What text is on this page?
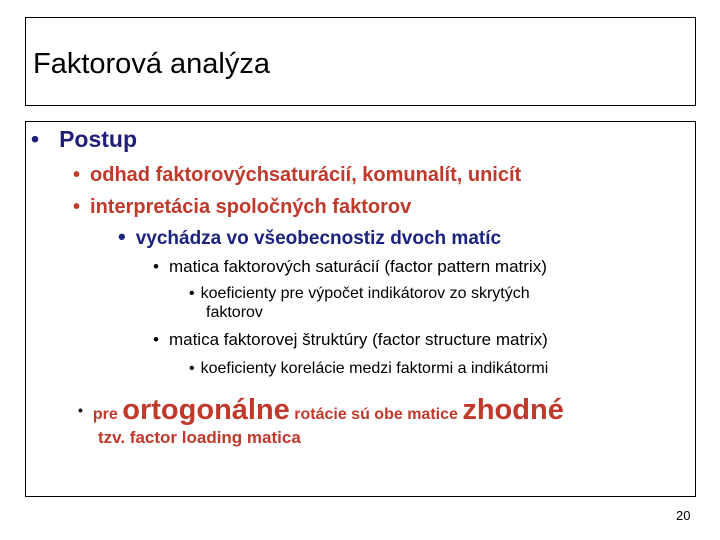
Faktorová analýza
• Postup
• odhad faktorovýchsaturácií, komunalít, unicít
• interpretácia spoločných faktorov
• vychádza vo všeobecnostiz dvoch matíc
• matica faktorových saturácií (factor pattern matrix)
• koeficienty pre výpočet indikátorov zo skrytých
faktorov
• matica faktorovej štruktúry (factor structure matrix)
• koeficienty korelácie medzi faktormi a indikátormi
• pre ortogonálne rotácie sú obe matice zhodné
tzv. factor loading matica
20
